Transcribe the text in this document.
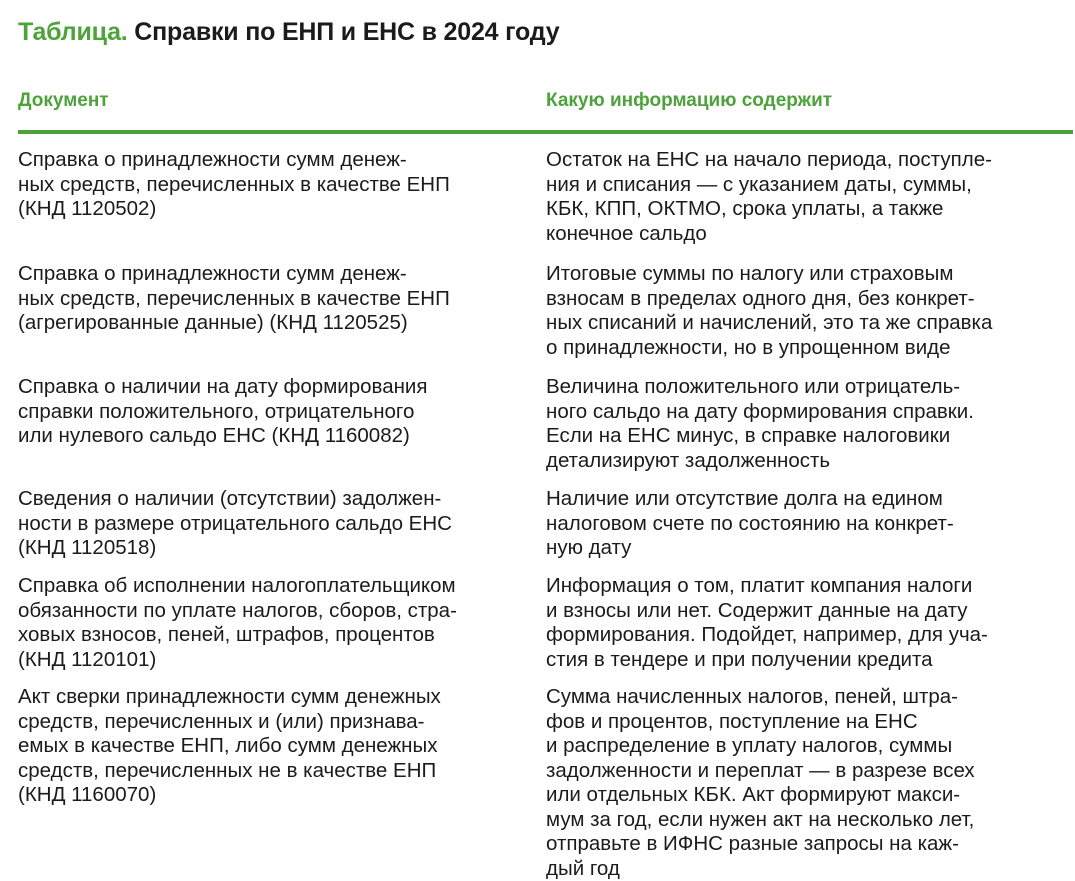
Таблица. Справки по ЕНП и ЕНС в 2024 году
Документ	Какую информацию содержит
Справка о принадлежности сумм денеж-
ных средств, перечисленных в качестве ЕНП
(КНД 1120502)
Остаток на ЕНС на начало периода, поступле-
ния и списания — с указанием даты, суммы,
КБК, КПП, ОКТМО, срока уплаты, а также
конечное сальдо
Справка о принадлежности сумм денеж-
ных средств, перечисленных в качестве ЕНП
(агрегированные данные) (КНД 1120525)
Итоговые суммы по налогу или страховым
взносам в пределах одного дня, без конкрет-
ных списаний и начислений, это та же справка
о принадлежности, но в упрощенном виде
Справка о наличии на дату формирования
справки положительного, отрицательного
или нулевого сальдо ЕНС (КНД 1160082)
Величина положительного или отрицатель-
ного сальдо на дату формирования справки.
Если на ЕНС минус, в справке налоговики
детализируют задолженность
Сведения о наличии (отсутствии) задолжен-
ности в размере отрицательного сальдо ЕНС
(КНД 1120518)
Наличие или отсутствие долга на едином
налоговом счете по состоянию на конкрет-
ную дату
Справка об исполнении налогоплательщиком
обязанности по уплате налогов, сборов, стра-
ховых взносов, пеней, штрафов, процентов
(КНД 1120101)
Информация о том, платит компания налоги
и взносы или нет. Содержит данные на дату
формирования. Подойдет, например, для уча-
стия в тендере и при получении кредита
Акт сверки принадлежности сумм денежных
средств, перечисленных и (или) признава-
емых в качестве ЕНП, либо сумм денежных
средств, перечисленных не в качестве ЕНП
(КНД 1160070)
Сумма начисленных налогов, пеней, штра-
фов и процентов, поступление на ЕНС
и распределение в уплату налогов, суммы
задолженности и переплат — в разрезе всех
или отдельных КБК. Акт формируют макси-
мум за год, если нужен акт на несколько лет,
отправьте в ИФНС разные запросы на каж-
дый год
